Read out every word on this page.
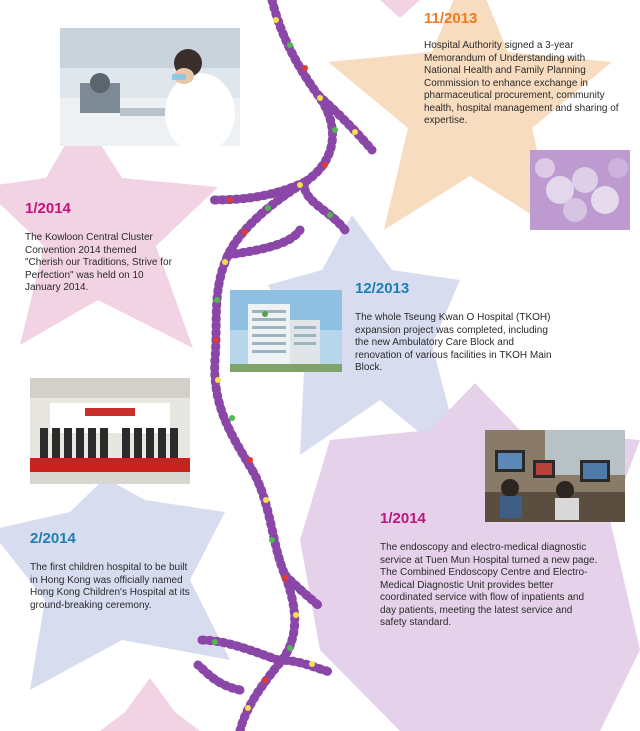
11/2013
Hospital Authority signed a 3-year Memorandum of Understanding with National Health and Family Planning Commission to enhance exchange in pharmaceutical procurement, community health, hospital management and sharing of expertise.
1/2014
The Kowloon Central Cluster Convention 2014 themed "Cherish our Traditions, Strive for Perfection" was held on 10 January 2014.	12/2013
The whole Tseung Kwan O Hospital (TKOH) expansion project was completed, including the new Ambulatory Care Block and renovation of various facilities in TKOH Main Block.
2/2014
The first children hospital to be built in Hong Kong was officially named Hong Kong Children's Hospital at its ground-breaking ceremony.
1/2014
The endoscopy and electro-medical diagnostic service at Tuen Mun Hospital turned a new page. The Combined Endoscopy Centre and Electro-Medical Diagnostic Unit provides better coordinated service with flow of inpatients and day patients, meeting the latest service and safety standard.
